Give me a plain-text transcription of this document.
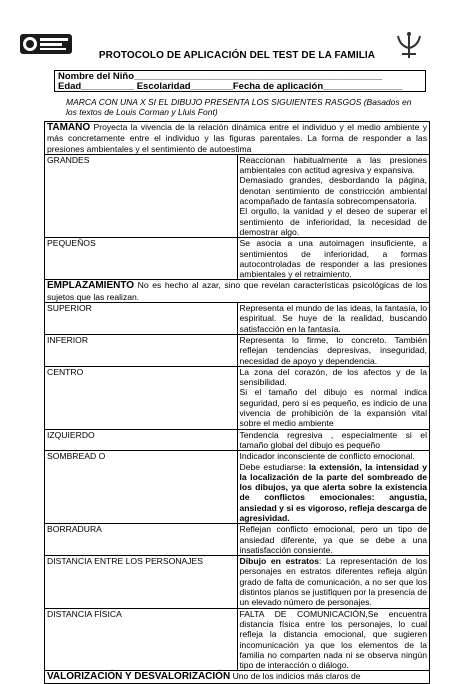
PROTOCOLO DE APLICACIÓN DEL TEST DE LA FAMILIA
Nombre del Niño_______________________________________________
Edad__________ Escolaridad________Fecha de aplicación_______________
MARCA CON UNA X SI EL DIBUJO PRESENTA LOS SIGUIENTES RASGOS (Basados en los textos de Louis Corman y Lluis Font)
TAMAÑO Proyecta la vivencia de la relación dinámica entre el individuo y el medio ambiente y más concretamente entre el individuo y las figuras parentales. La forma de responder a las presiones ambientales y el sentimiento de autoestima	
GRANDES	Reaccionan habitualmente a las presiones ambientales con actitud agresiva y expansiva.
Demasiado grandes, desbordando la página, denotan sentimiento de constricción ambiental acompañado de fantasía sobrecompensatoria.
El orgullo, la vanidad y el deseo de superar el sentimiento de inferioridad, la necesidad de demostrar algo.

PEQUEÑOS	Se asocia a una autoimagen insuficiente, a sentimientos de inferioridad, a formas autocontroladas de responder a las presiones ambientales y el retraimiento.
EMPLAZAMIENTO No es hecho al azar, sino que revelan características psicológicas de los sujetos que las realizan.	
SUPERIOR	Representa el mundo de las ideas, la fantasía, lo espiritual. Se huye de la realidad, buscando satisfacción en la fantasía.
INFERIOR	Representa lo firme, lo concreto. También reflejan tendencias depresivas, inseguridad, necesidad de apoyo y dependencia.
CENTRO	La zona del corazón, de los afectos y de la sensibilidad.
Si el tamaño del dibujo es normal indica seguridad, pero si es pequeño, es indicio de una vivencia de prohibición de la expansión vital sobre el medio ambiente

IZQUIERDO	Tendencia regresiva , especialmente si el tamaño global del dibujo es pequeño
SOMBREAD O	Indicador inconsciente de conflicto emocional.
Debe estudiarse: la extensión, la intensidad y la localización de la parte del sombreado de los dibujos, ya que alerta sobre la existencia de conflictos emocionales: angustia, ansiedad y si es vigoroso, refleja descarga de agresividad.

BORRADURA	Reflejan conflicto emocional, pero un tipo de ansiedad diferente, ya que se debe a una insatisfacción consiente.
DISTANCIA ENTRE LOS PERSONAJES	Dibujo en estratos: La representación de los personajes en estratos diferentes refleja algún grado de falta de comunicación, a no ser que los distintos planos se justifiquen por la presencia de un elevado número de personajes.
DISTANCIA FÍSICA	FALTA DE COMUNICACIÓN,Se encuentra distancia física entre los personajes, lo cual refleja la distancia emocional, que sugieren incomunicación ya que los elementos de la familia no comparten nada ni se observa ningún tipo de interacción o diálogo.
VALORIZACIÓN Y DESVALORIZACIÓN Uno de los indicios más claros de	
